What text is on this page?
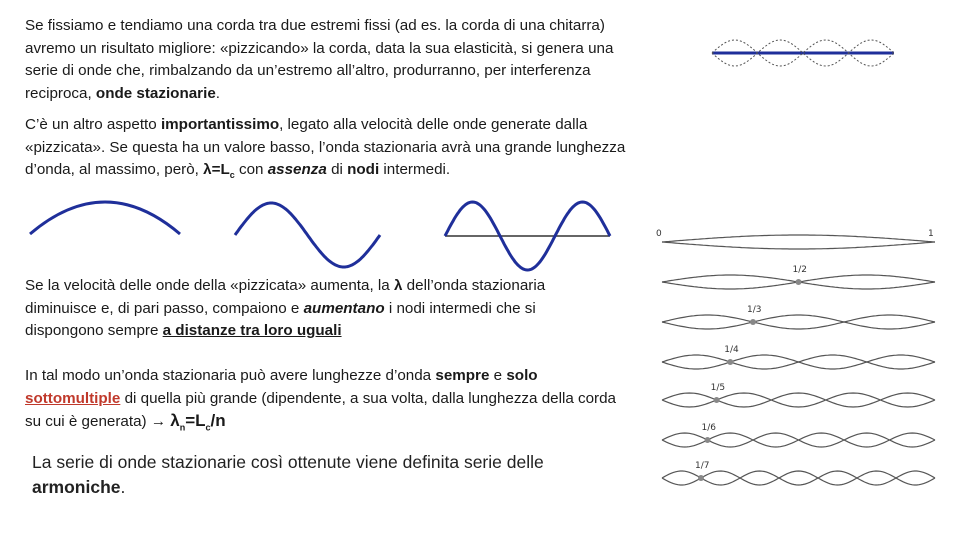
Se fissiamo e tendiamo una corda tra due estremi fissi (ad es. la corda di una chitarra)
avremo un risultato migliore: «pizzicando» la corda, data la sua elasticità, si genera una
serie di onde che, rimbalzando da un’estremo all’altro, produrranno, per interferenza
reciproca, onde stazionarie.

C’è un altro aspetto importantissimo, legato alla velocità delle onde generate dalla
«pizzicata». Se questa ha un valore basso, l’onda stazionaria avrà una grande lunghezza
d’onda, al massimo, però, $\lambda=L_c$ con assenza di nodi intermedi.

Se la velocità delle onde della «pizzicata» aumenta, la λ dell’onda stazionaria
diminuisce e, di pari passo, compaiono e aumentano i nodi intermedi che si
dispongono sempre a distanze tra loro uguali

In tal modo un’onda stazionaria può avere lunghezze d’onda sempre e solo
sottomultiple di quella più grande (dipendente, a sua volta, dalla lunghezza della corda
su cui è generata) → $\lambda_n=L_c/n$

La serie di onde stazionarie così ottenute viene definita serie delle
armoniche.

0	1
1/2
1/3
1/4
1/5
1/6
1/7
